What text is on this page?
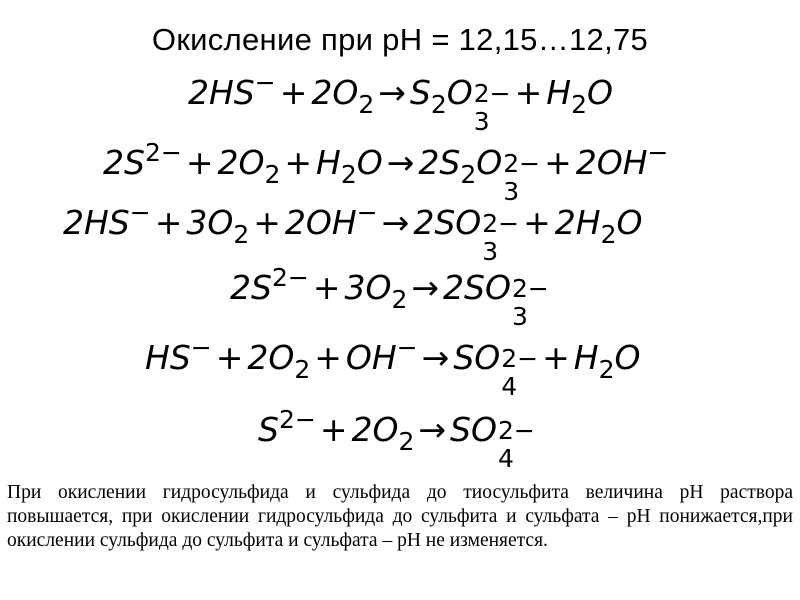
Окисление при pH = 12,15…12,75
$2HS^- + 2O_2 \to S_2O$ 2−
3
+ $H_2O$
$2S^{2-} + 2O_2 + H_2O \to 2S_2O$ 2−
3
+ 2OH−
$2HS^- + 3O_2 + 2OH^- \to 2SO$ 2−
3
+ $2H_2O$
$2S^{2-} + 3O_2 \to 2SO$ 2−
3
$HS^- + 2O_2 + OH^-$ → SO 2−
4
+ $H_2O$
$S^{2-} + 2O_2$ → SO 2−
4
При окислении гидросульфида и сульфида до тиосульфита величина pH раствора повышается, при окислении гидросульфида до сульфита и сульфата – pH понижается,при окислении сульфида до сульфита и сульфата – pH не изменяется.
